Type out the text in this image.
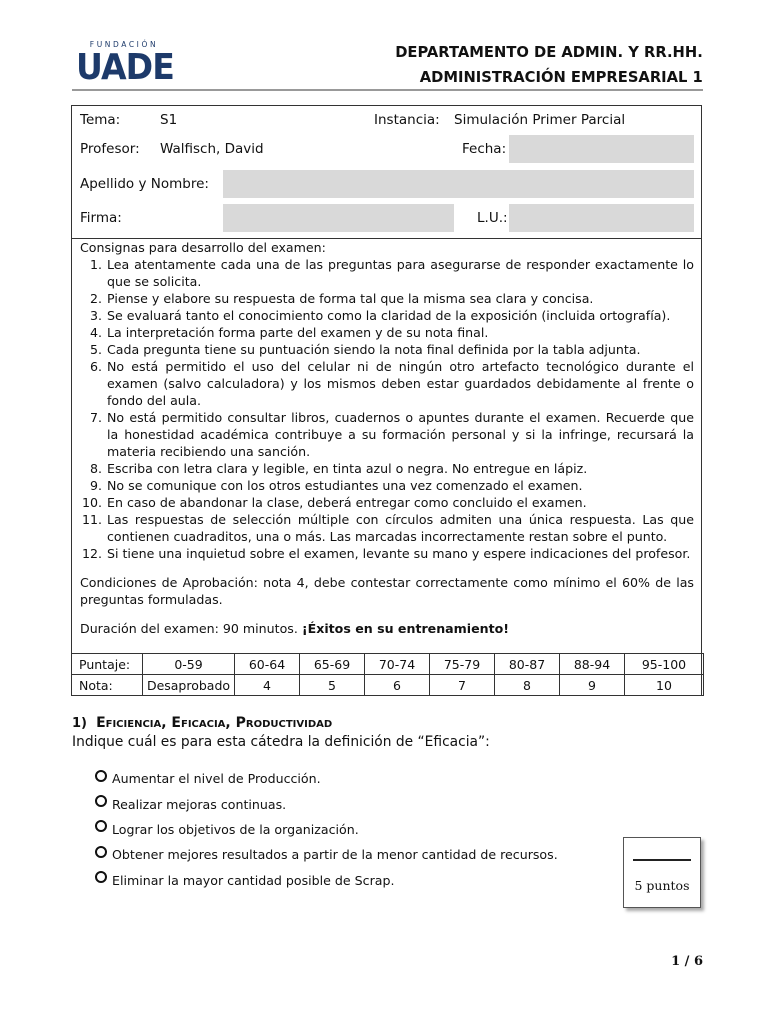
FUNDACIÓN
UADE	DEPARTAMENTO DE ADMIN. Y RR.HH.
ADMINISTRACIÓN EMPRESARIAL 1
Tema:	S1	Instancia: Simulación Primer Parcial
Profesor: Walfisch, David	Fecha:
Apellido y Nombre:
Firma:	L.U.:
Consignas para desarrollo del examen:
1. Lea atentamente cada una de las preguntas para asegurarse de responder exactamente lo que se solicita.
2. Piense y elabore su respuesta de forma tal que la misma sea clara y concisa.
3. Se evaluará tanto el conocimiento como la claridad de la exposición (incluida ortografía).
4. La interpretación forma parte del examen y de su nota final.
5. Cada pregunta tiene su puntuación siendo la nota final definida por la tabla adjunta.
6. No está permitido el uso del celular ni de ningún otro artefacto tecnológico durante el examen (salvo calculadora) y los mismos deben estar guardados debidamente al frente o fondo del aula.
7. No está permitido consultar libros, cuadernos o apuntes durante el examen. Recuerde que la honestidad académica contribuye a su formación personal y si la infringe, recursará la materia recibiendo una sanción.
8. Escriba con letra clara y legible, en tinta azul o negra. No entregue en lápiz.
9. No se comunique con los otros estudiantes una vez comenzado el examen.
10. En caso de abandonar la clase, deberá entregar como concluido el examen.
11. Las respuestas de selección múltiple con círculos admiten una única respuesta. Las que contienen cuadraditos, una o más. Las marcadas incorrectamente restan sobre el punto.
12. Si tiene una inquietud sobre el examen, levante su mano y espere indicaciones del profesor.
Condiciones de Aprobación: nota 4, debe contestar correctamente como mínimo el 60% de las preguntas formuladas.
Duración del examen: 90 minutos. ¡Éxitos en su entrenamiento!
Puntaje:	0-59	60-64	65-69	70-74	75-79	80-87	88-94	95-100
Nota:	Desaprobado	4	5	6	7	8	9	10
1) Eficiencia, Eficacia, Productividad
Indique cuál es para esta cátedra la definición de “Eficacia”:
Aumentar el nivel de Producción.
Realizar mejoras continuas.
Lograr los objetivos de la organización.
Obtener mejores resultados a partir de la menor cantidad de recursos.
Eliminar la mayor cantidad posible de Scrap.	5 puntos
1 / 6
